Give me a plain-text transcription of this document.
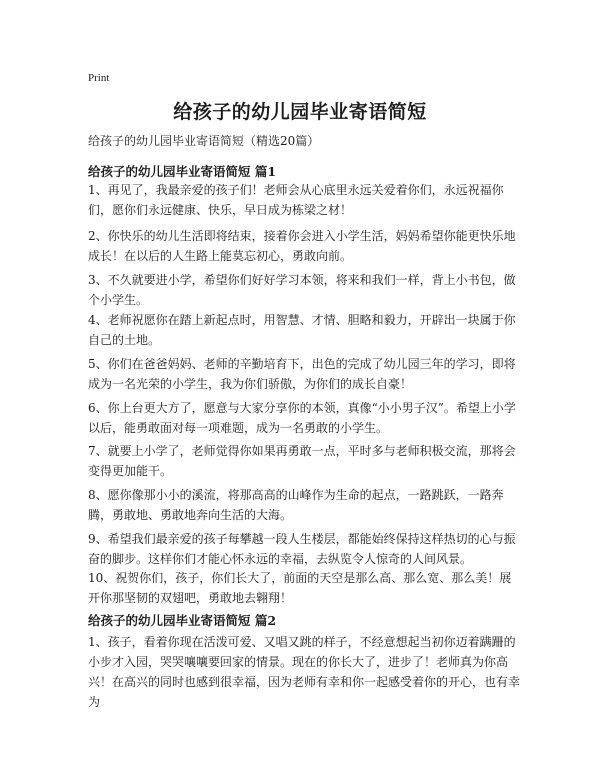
Print
给孩子的幼儿园毕业寄语简短
给孩子的幼儿园毕业寄语简短（精选20篇）
给孩子的幼儿园毕业寄语简短 篇1
1、再见了，我最亲爱的孩子们！老师会从心底里永远关爱着你们，永远祝福你们，愿你们永远健康、快乐，早日成为栋梁之材！
2、你快乐的幼儿生活即将结束，接着你会进入小学生活，妈妈希望你能更快乐地成长！在以后的人生路上能莫忘初心，勇敢向前。
3、不久就要进小学，希望你们好好学习本领，将来和我们一样，背上小书包，做个小学生。
4、老师祝愿你在踏上新起点时，用智慧、才情、胆略和毅力，开辟出一块属于你自己的土地。
5、你们在爸爸妈妈、老师的辛勤培育下，出色的完成了幼儿园三年的学习，即将成为一名光荣的小学生，我为你们骄傲，为你们的成长自豪！
6、你上台更大方了，愿意与大家分享你的本领，真像“小小男子汉”。希望上小学以后，能勇敢面对每一项难题，成为一名勇敢的小学生。
7、就要上小学了，老师觉得你如果再勇敢一点，平时多与老师积极交流，那将会变得更加能干。
8、愿你像那小小的溪流，将那高高的山峰作为生命的起点，一路跳跃，一路奔腾，勇敢地、勇敢地奔向生活的大海。
9、希望我们最亲爱的孩子每攀越一段人生楼层，都能始终保持这样热切的心与振奋的脚步。这样你们才能心怀永远的幸福，去纵览令人惊奇的人间风景。
10、祝贺你们，孩子，你们长大了，前面的天空是那么高、那么宽、那么美！展开你那坚韧的双翅吧，勇敢地去翱翔！
给孩子的幼儿园毕业寄语简短 篇2
1、孩子，看着你现在活泼可爱、又唱又跳的样子，不经意想起当初你迈着蹒跚的小步才入园，哭哭嚷嚷要回家的情景。现在的你长大了，进步了！老师真为你高兴！在高兴的同时也感到很幸福，因为老师有幸和你一起感受着你的开心，也有幸为
